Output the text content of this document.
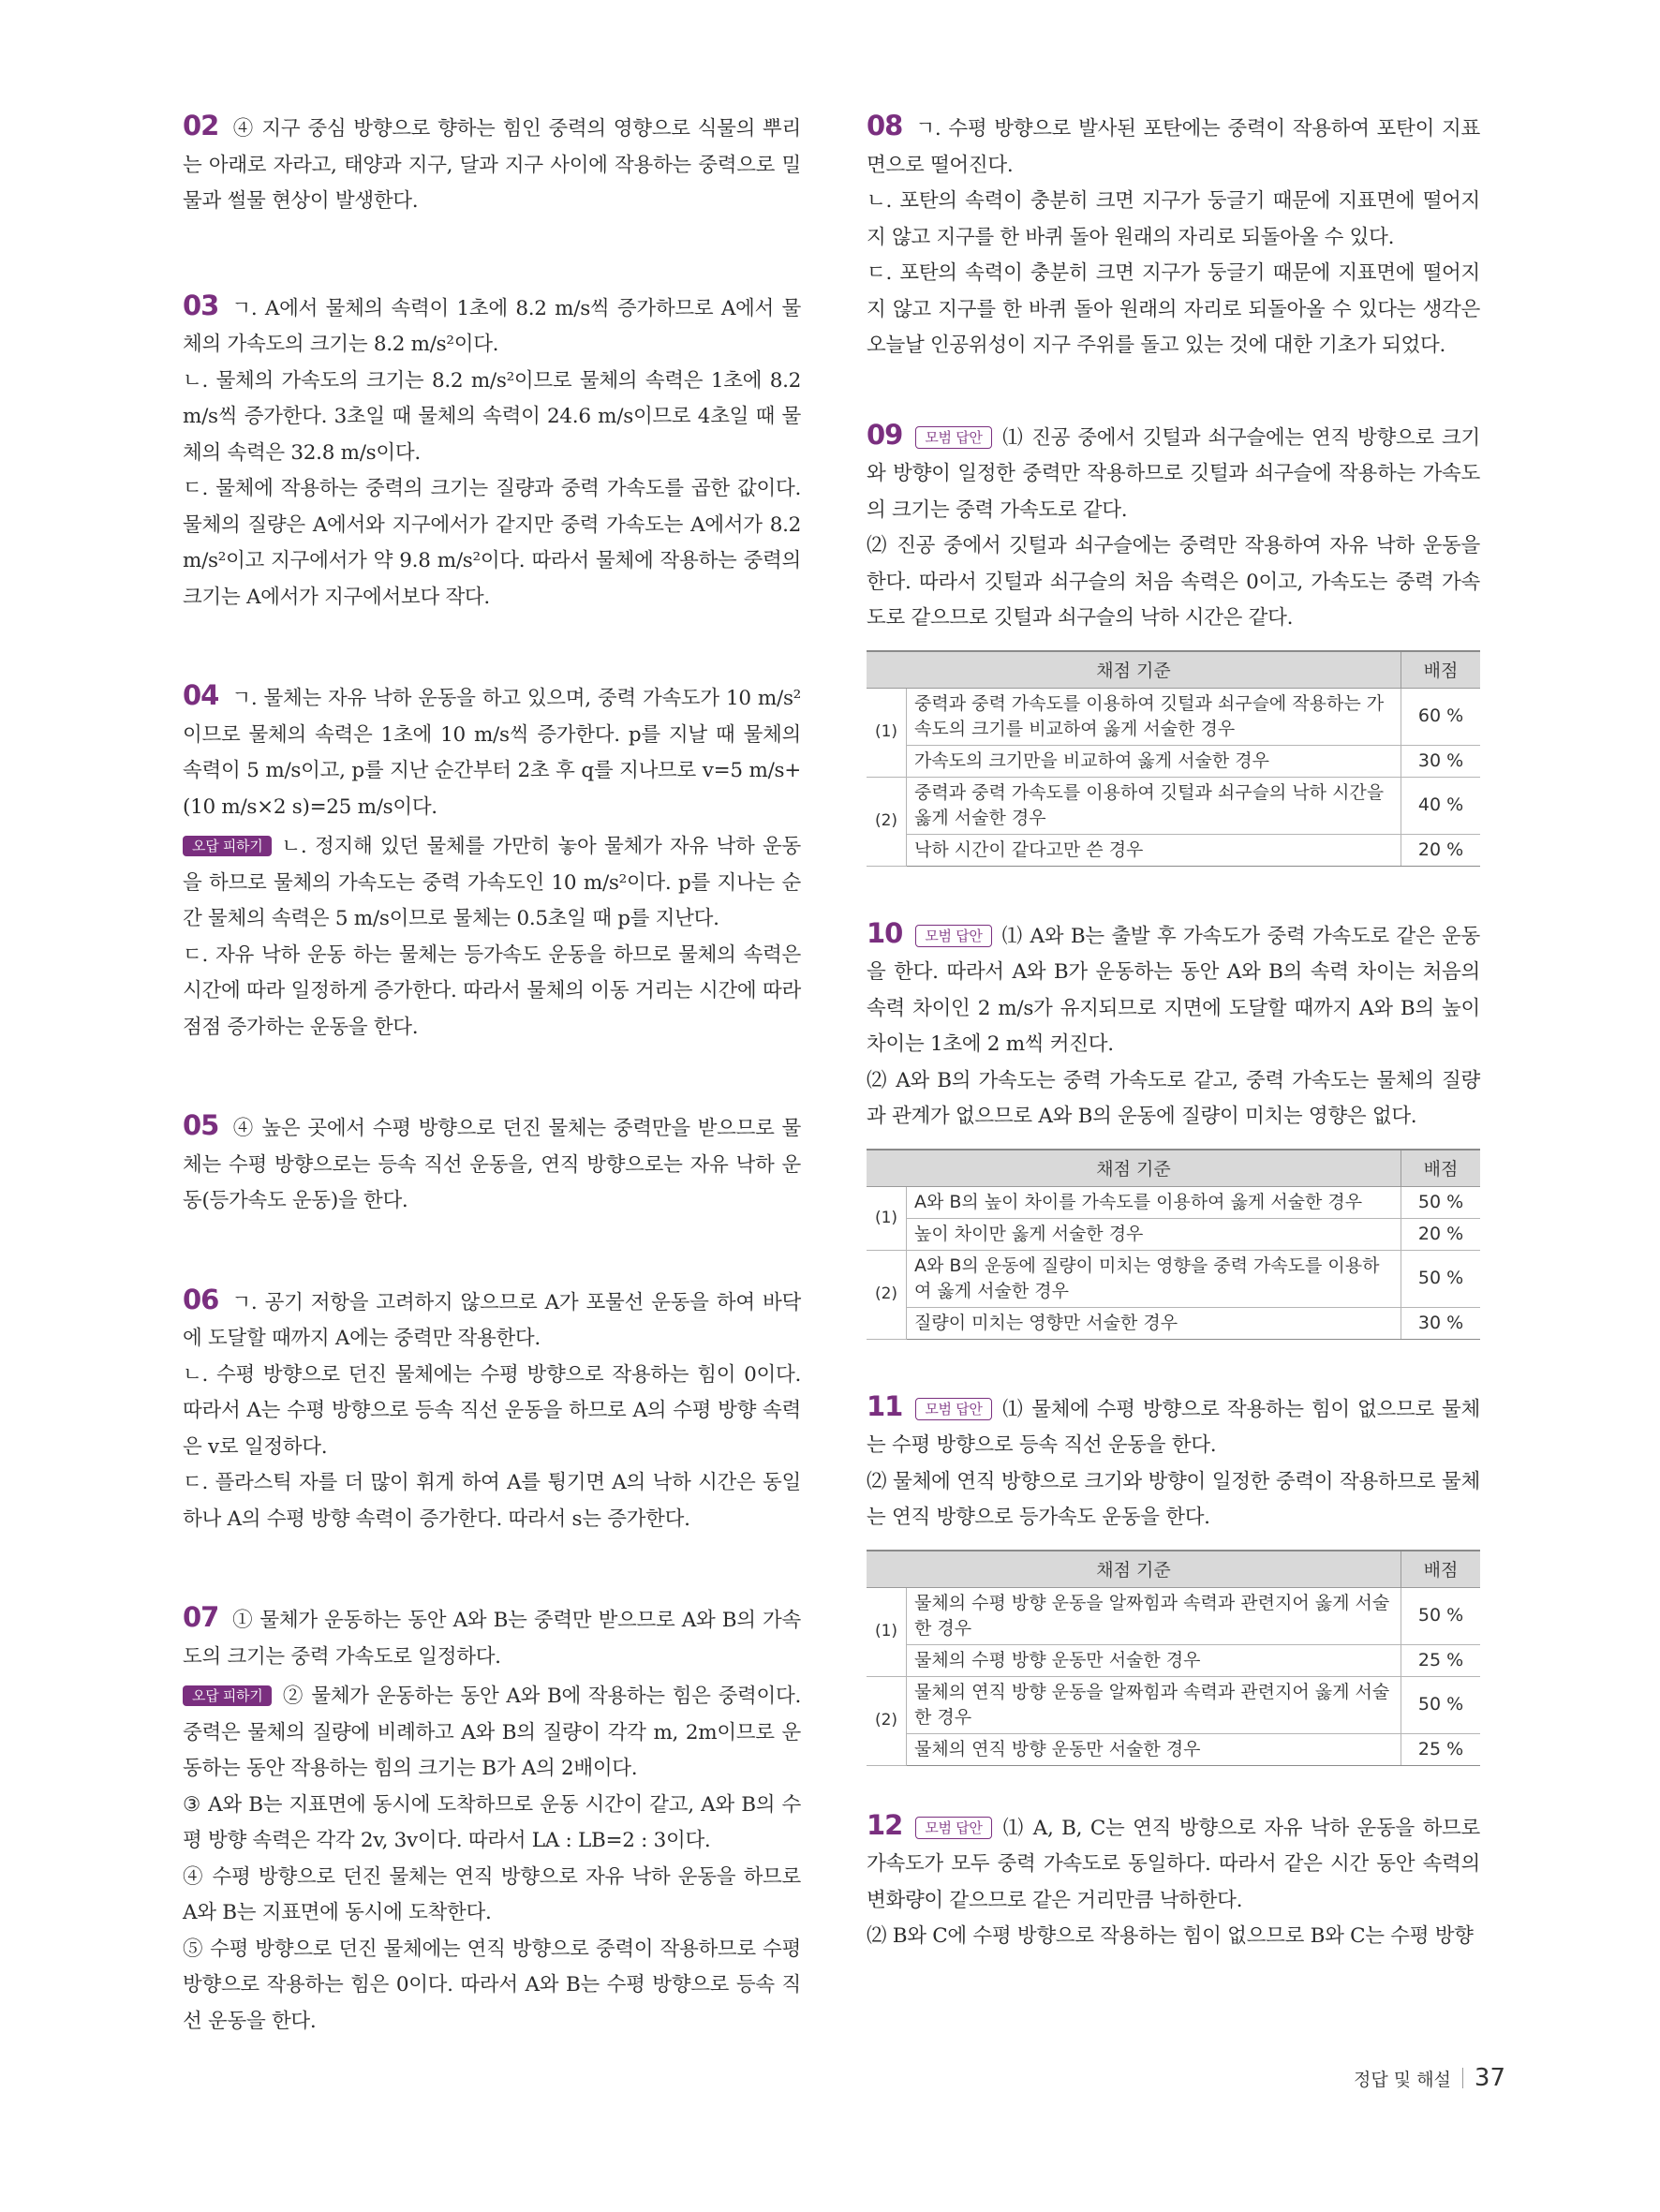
02 ④ 지구 중심 방향으로 향하는 힘인 중력의 영향으로 식물의 뿌리는 아래로 자라고, 태양과 지구, 달과 지구 사이에 작용하는 중력으로 밀물과 썰물 현상이 발생한다.

03 ㄱ. A에서 물체의 속력이 1초에 8.2 m/s씩 증가하므로 A에서 물체의 가속도의 크기는 8.2 m/s²이다.

ㄴ. 물체의 가속도의 크기는 8.2 m/s²이므로 물체의 속력은 1초에 8.2 m/s씩 증가한다. 3초일 때 물체의 속력이 24.6 m/s이므로 4초일 때 물체의 속력은 32.8 m/s이다.

ㄷ. 물체에 작용하는 중력의 크기는 질량과 중력 가속도를 곱한 값이다. 물체의 질량은 A에서와 지구에서가 같지만 중력 가속도는 A에서가 8.2 m/s²이고 지구에서가 약 9.8 m/s²이다. 따라서 물체에 작용하는 중력의 크기는 A에서가 지구에서보다 작다.

04 ㄱ. 물체는 자유 낙하 운동을 하고 있으며, 중력 가속도가 10 m/s²이므로 물체의 속력은 1초에 10 m/s씩 증가한다. p를 지날 때 물체의 속력이 5 m/s이고, p를 지난 순간부터 2초 후 q를 지나므로 v=5 m/s+(10 m/s×2 s)=25 m/s이다.

오답 피하기 ㄴ. 정지해 있던 물체를 가만히 놓아 물체가 자유 낙하 운동을 하므로 물체의 가속도는 중력 가속도인 10 m/s²이다. p를 지나는 순간 물체의 속력은 5 m/s이므로 물체는 0.5초일 때 p를 지난다.

ㄷ. 자유 낙하 운동 하는 물체는 등가속도 운동을 하므로 물체의 속력은 시간에 따라 일정하게 증가한다. 따라서 물체의 이동 거리는 시간에 따라 점점 증가하는 운동을 한다.

05 ④ 높은 곳에서 수평 방향으로 던진 물체는 중력만을 받으므로 물체는 수평 방향으로는 등속 직선 운동을, 연직 방향으로는 자유 낙하 운동(등가속도 운동)을 한다.

06 ㄱ. 공기 저항을 고려하지 않으므로 A가 포물선 운동을 하여 바닥에 도달할 때까지 A에는 중력만 작용한다.

ㄴ. 수평 방향으로 던진 물체에는 수평 방향으로 작용하는 힘이 0이다. 따라서 A는 수평 방향으로 등속 직선 운동을 하므로 A의 수평 방향 속력은 v로 일정하다.

ㄷ. 플라스틱 자를 더 많이 휘게 하여 A를 튕기면 A의 낙하 시간은 동일하나 A의 수평 방향 속력이 증가한다. 따라서 s는 증가한다.

07 ① 물체가 운동하는 동안 A와 B는 중력만 받으므로 A와 B의 가속도의 크기는 중력 가속도로 일정하다.

오답 피하기 ② 물체가 운동하는 동안 A와 B에 작용하는 힘은 중력이다. 중력은 물체의 질량에 비례하고 A와 B의 질량이 각각 m, 2m이므로 운동하는 동안 작용하는 힘의 크기는 B가 A의 2배이다.

③ A와 B는 지표면에 동시에 도착하므로 운동 시간이 같고, A와 B의 수평 방향 속력은 각각 2v, 3v이다. 따라서 LA : LB=2 : 3이다.

④ 수평 방향으로 던진 물체는 연직 방향으로 자유 낙하 운동을 하므로 A와 B는 지표면에 동시에 도착한다.

⑤ 수평 방향으로 던진 물체에는 연직 방향으로 중력이 작용하므로 수평 방향으로 작용하는 힘은 0이다. 따라서 A와 B는 수평 방향으로 등속 직선 운동을 한다.

08 ㄱ. 수평 방향으로 발사된 포탄에는 중력이 작용하여 포탄이 지표면으로 떨어진다.

ㄴ. 포탄의 속력이 충분히 크면 지구가 둥글기 때문에 지표면에 떨어지지 않고 지구를 한 바퀴 돌아 원래의 자리로 되돌아올 수 있다.

ㄷ. 포탄의 속력이 충분히 크면 지구가 둥글기 때문에 지표면에 떨어지지 않고 지구를 한 바퀴 돌아 원래의 자리로 되돌아올 수 있다는 생각은 오늘날 인공위성이 지구 주위를 돌고 있는 것에 대한 기초가 되었다.

09 모범 답안 ⑴ 진공 중에서 깃털과 쇠구슬에는 연직 방향으로 크기와 방향이 일정한 중력만 작용하므로 깃털과 쇠구슬에 작용하는 가속도의 크기는 중력 가속도로 같다.

⑵ 진공 중에서 깃털과 쇠구슬에는 중력만 작용하여 자유 낙하 운동을 한다. 따라서 깃털과 쇠구슬의 처음 속력은 0이고, 가속도는 중력 가속도로 같으므로 깃털과 쇠구슬의 낙하 시간은 같다.

채점 기준		배점
(1)	중력과 중력 가속도를 이용하여 깃털과 쇠구슬에 작용하는 가속도의 크기를 비교하여 옳게 서술한 경우	60 %
	가속도의 크기만을 비교하여 옳게 서술한 경우	30 %
(2)	중력과 중력 가속도를 이용하여 깃털과 쇠구슬의 낙하 시간을 옳게 서술한 경우	40 %
	낙하 시간이 같다고만 쓴 경우	20 %

10 모범 답안 ⑴ A와 B는 출발 후 가속도가 중력 가속도로 같은 운동을 한다. 따라서 A와 B가 운동하는 동안 A와 B의 속력 차이는 처음의 속력 차이인 2 m/s가 유지되므로 지면에 도달할 때까지 A와 B의 높이 차이는 1초에 2 m씩 커진다.

⑵ A와 B의 가속도는 중력 가속도로 같고, 중력 가속도는 물체의 질량과 관계가 없으므로 A와 B의 운동에 질량이 미치는 영향은 없다.

채점 기준		배점
(1)	A와 B의 높이 차이를 가속도를 이용하여 옳게 서술한 경우	50 %
	높이 차이만 옳게 서술한 경우	20 %
(2)	A와 B의 운동에 질량이 미치는 영향을 중력 가속도를 이용하여 옳게 서술한 경우	50 %
	질량이 미치는 영향만 서술한 경우	30 %

11 모범 답안 ⑴ 물체에 수평 방향으로 작용하는 힘이 없으므로 물체는 수평 방향으로 등속 직선 운동을 한다.

⑵ 물체에 연직 방향으로 크기와 방향이 일정한 중력이 작용하므로 물체는 연직 방향으로 등가속도 운동을 한다.

채점 기준		배점
(1)	물체의 수평 방향 운동을 알짜힘과 속력과 관련지어 옳게 서술한 경우	50 %
	물체의 수평 방향 운동만 서술한 경우	25 %
(2)	물체의 연직 방향 운동을 알짜힘과 속력과 관련지어 옳게 서술한 경우	50 %
	물체의 연직 방향 운동만 서술한 경우	25 %

12 모범 답안 ⑴ A, B, C는 연직 방향으로 자유 낙하 운동을 하므로 가속도가 모두 중력 가속도로 동일하다. 따라서 같은 시간 동안 속력의 변화량이 같으므로 같은 거리만큼 낙하한다.

⑵ B와 C에 수평 방향으로 작용하는 힘이 없으므로 B와 C는 수평 방향

정답 및 해설 37
